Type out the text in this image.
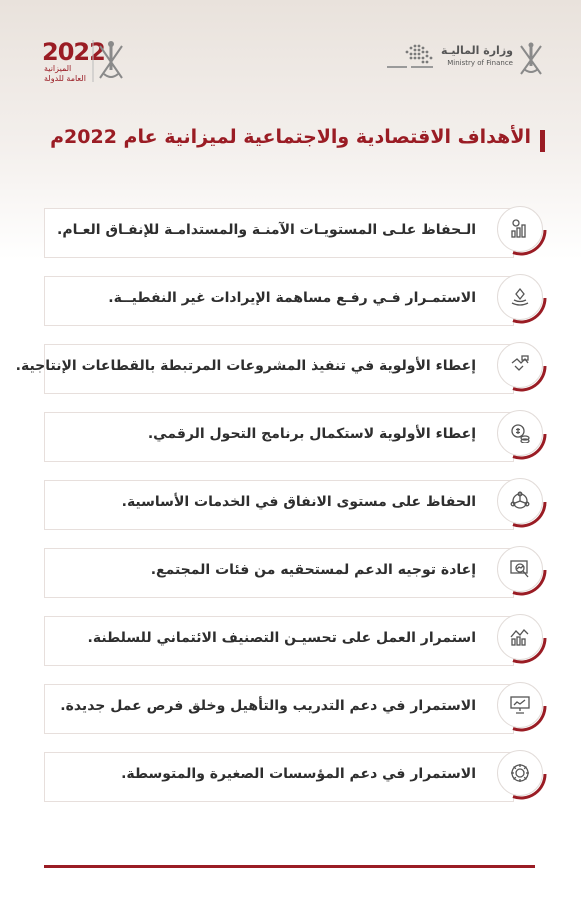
2022
الميزانية
العامة للدولة
وزارة الماليـة
Ministry of Finance
الأهداف الاقتصادية والاجتماعية لميزانية عام 2022م
الـحفاظ علـى المستويـات الآمنـة والمستدامـة للإنفـاق العـام.
الاستمـرار فـي رفـع مساهمة الإيرادات غير النفطيــة.
إعطاء الأولوية في تنفيذ المشروعات المرتبطة بالقطاعات الإنتاجية.
إعطاء الأولوية لاستكمال برنامج التحول الرقمي.
الحفاظ على مستوى الانفاق في الخدمات الأساسية.
إعادة توجيه الدعم لمستحقيه من فئات المجتمع.
استمرار العمل على تحسيـن التصنيف الائتماني للسلطنة.
الاستمرار في دعم التدريب والتأهيل وخلق فرص عمل جديدة.
الاستمرار في دعم المؤسسات الصغيرة والمتوسطة.
